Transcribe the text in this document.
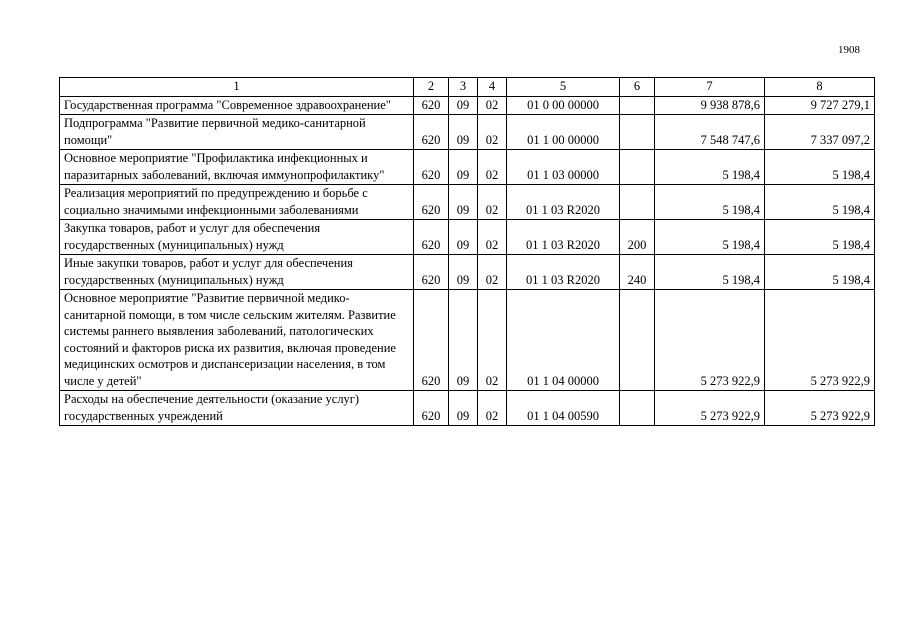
1908
1	2	3	4	5	6	7	8
Государственная программа "Современное здравоохранение"	620	09	02	01 0 00 00000		9 938 878,6	9 727 279,1
Подпрограмма "Развитие первичной медико-санитарной помощи"	620	09	02	01 1 00 00000		7 548 747,6	7 337 097,2
Основное мероприятие "Профилактика инфекционных и паразитарных заболеваний, включая иммунопрофилактику"	620	09	02	01 1 03 00000		5 198,4	5 198,4
Реализация мероприятий по предупреждению и борьбе с социально значимыми инфекционными заболеваниями	620	09	02	01 1 03 R2020		5 198,4	5 198,4
Закупка товаров, работ и услуг для обеспечения государственных (муниципальных) нужд	620	09	02	01 1 03 R2020	200	5 198,4	5 198,4
Иные закупки товаров, работ и услуг для обеспечения государственных (муниципальных) нужд	620	09	02	01 1 03 R2020	240	5 198,4	5 198,4
Основное мероприятие "Развитие первичной медико-санитарной помощи, в том числе сельским жителям. Развитие системы раннего выявления заболеваний, патологических состояний и факторов риска их развития, включая проведение медицинских осмотров и диспансеризации населения, в том числе у детей"	620	09	02	01 1 04 00000		5 273 922,9	5 273 922,9
Расходы на обеспечение деятельности (оказание услуг) государственных учреждений	620	09	02	01 1 04 00590		5 273 922,9	5 273 922,9
